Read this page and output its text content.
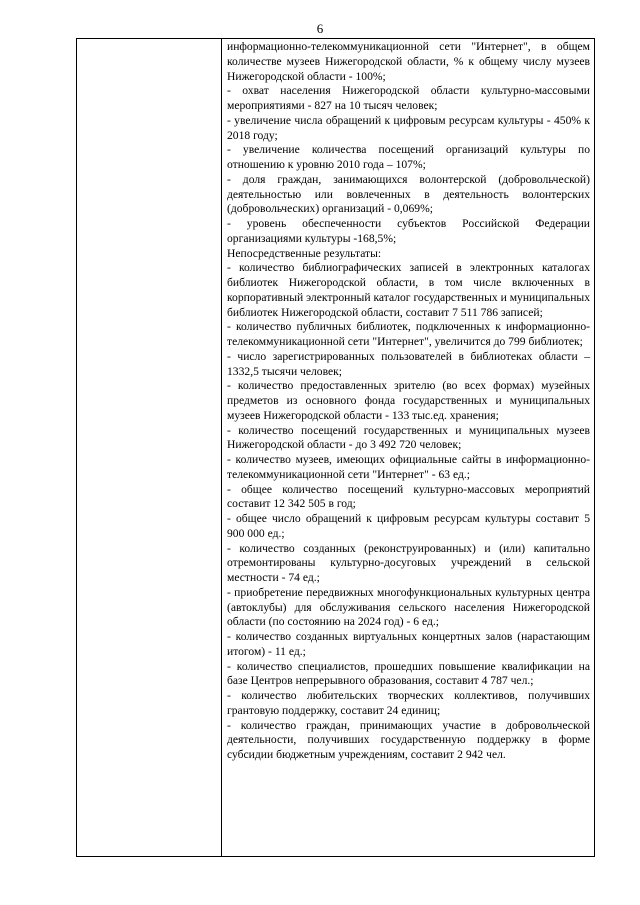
6

информационно-телекоммуникационной сети "Интернет", в общем количестве музеев Нижегородской области, % к общему числу музеев Нижегородской области - 100%;

- охват населения Нижегородской области культурно-массовыми мероприятиями - 827 на 10 тысяч человек;

- увеличение числа обращений к цифровым ресурсам культуры - 450% к 2018 году;

- увеличение количества посещений организаций культуры по отношению к уровню 2010 года – 107%;

- доля граждан, занимающихся волонтерской (добровольческой) деятельностью или вовлеченных в деятельность волонтерских (добровольческих) организаций - 0,069%;

- уровень обеспеченности субъектов Российской Федерации организациями культуры -168,5%;

Непосредственные результаты:

- количество библиографических записей в электронных каталогах библиотек Нижегородской области, в том числе включенных в корпоративный электронный каталог государственных и муниципальных библиотек Нижегородской области, составит 7 511 786 записей;

- количество публичных библиотек, подключенных к информационно-телекоммуникационной сети "Интернет", увеличится до 799 библиотек;

- число зарегистрированных пользователей в библиотеках области – 1332,5 тысячи человек;

- количество предоставленных зрителю (во всех формах) музейных предметов из основного фонда государственных и муниципальных музеев Нижегородской области - 133 тыс.ед. хранения;

- количество посещений государственных и муниципальных музеев Нижегородской области - до 3 492 720 человек;

- количество музеев, имеющих официальные сайты в информационно-телекоммуникационной сети "Интернет" - 63 ед.;

- общее количество посещений культурно-массовых мероприятий составит 12 342 505 в год;

- общее число обращений к цифровым ресурсам культуры составит 5 900 000 ед.;

- количество созданных (реконструированных) и (или) капитально отремонтированы культурно-досуговых учреждений в сельской местности - 74 ед.;

- приобретение передвижных многофункциональных культурных центра (автоклубы) для обслуживания сельского населения Нижегородской области (по состоянию на 2024 год) - 6 ед.;

- количество созданных виртуальных концертных залов (нарастающим итогом) - 11 ед.;

- количество специалистов, прошедших повышение квалификации на базе Центров непрерывного образования, составит 4 787 чел.;

- количество любительских творческих коллективов, получивших грантовую поддержку, составит 24 единиц;

- количество граждан, принимающих участие в добровольческой деятельности, получивших государственную поддержку в форме субсидии бюджетным учреждениям, составит 2 942 чел.
